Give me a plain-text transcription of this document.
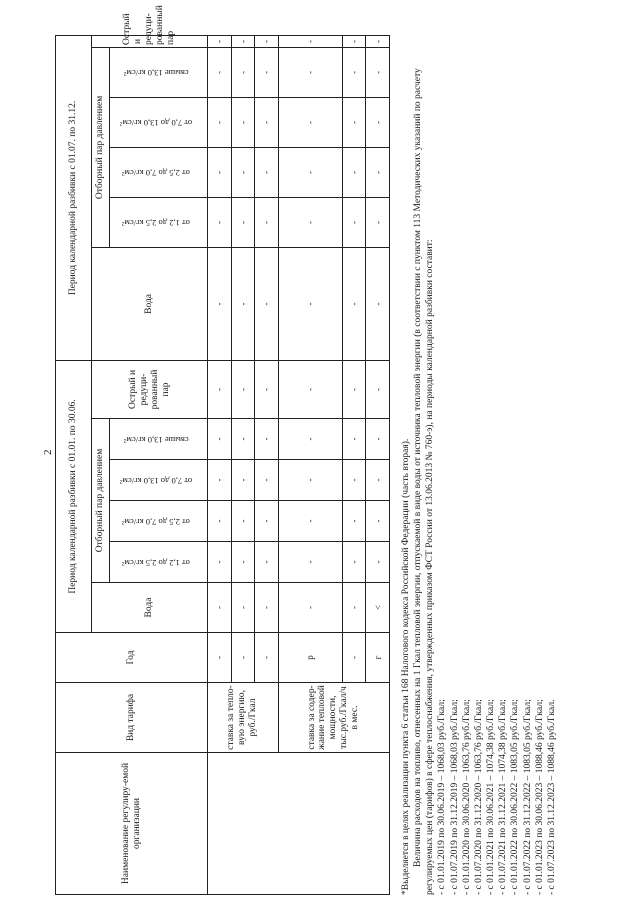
2
Наименование регулиру-емой организации	Вид тарифа	Год	Период календарной разбивки с 01.01. по 30.06.						Период календарной разбивки с 01.07. по 31.12.					
			Вода	Отборный пар давлением				Острый и редуци-рованный пар	Вода	Отборный пар давлением				Острый и редуци-рованный пар
				от 1,2 до 2,5 кг/см²	от 2,5 до 7,0 кг/см²	от 7,0 до 13,0 кг/см²	свыше 13,0 кг/см²			от 1,2 до 2,5 кг/см²	от 2,5 до 7,0 кг/см²	от 7,0 до 13,0 кг/см²	свыше 13,0 кг/см²	
	ставка за тепло-вую энергию, руб./Гкал	-	-	-	-	-	-	-	-	-	-	-	-	-
		-	-	-	-	-	-	-	-	-	-	-	-	-
		-	-	-	-	-	-	-	-	-	-	-	-	-
	ставка за содер-жание тепловой мощности, тыс.руб./Гкал/ч в мес.	р	-	-	-	-	-	-	-	-	-	-	-	-
		-	-	-	-	-	-	-	-	-	-	-	-	-
		г	<	-	-	-	-	-	-	-	-	-	-	-

*Выделяется в целях реализации пункта 6 статьи 168 Налогового кодекса Российской Федерации (часть вторая). Величина расходов на топливо, отнесенных на 1 Гкал тепловой энергии, отпускаемой в виде воды от источника тепловой энергии (в соответствии с пунктом 113 Методических указаний по расчету регулируемых цен (тарифов) в сфере теплоснабжения, утвержденных приказом ФСТ России от 13.06.2013 № 760-э), на периоды календарной разбивки составит: - с 01.01.2019 по 30.06.2019 – 1068,03 руб./Гкал; - с 01.07.2019 по 31.12.2019 – 1068,03 руб./Гкал; - с 01.01.2020 по 30.06.2020 – 1063,76 руб./Гкал; - с 01.07.2020 по 31.12.2020 – 1063,76 руб./Гкал; - с 01.01.2021 по 30.06.2021 – 1074,38 руб./Гкал; - с 01.07.2021 по 31.12.2021 – 1074,38 руб./Гкал; - с 01.01.2022 по 30.06.2022 – 1083,05 руб./Гкал; - с 01.07.2022 по 31.12.2022 – 1083,05 руб./Гкал; - с 01.01.2023 по 30.06.2023 – 1088,46 руб./Гкал; - с 01.07.2023 по 31.12.2023 – 1088,46 руб./Гкал.
